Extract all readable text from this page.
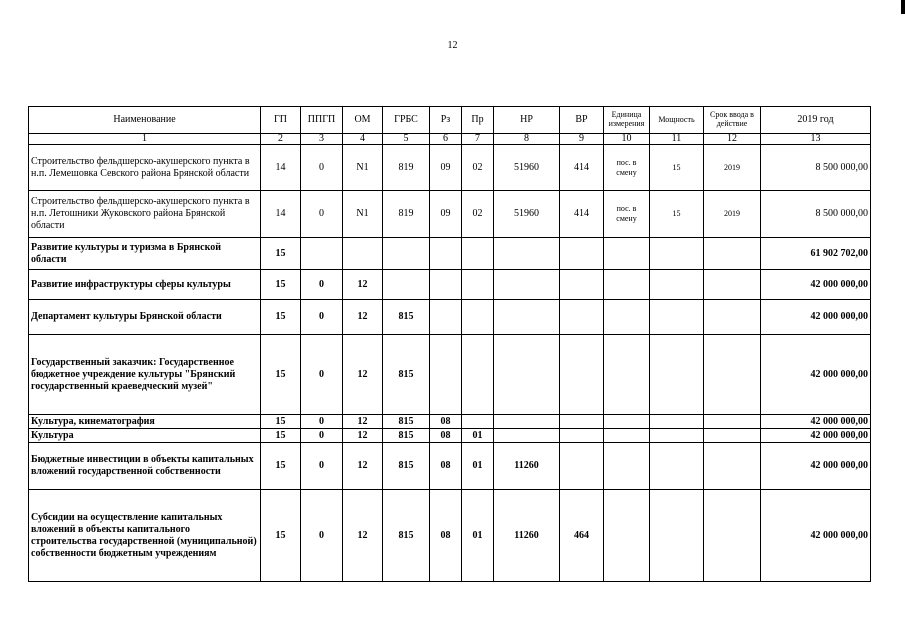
12
Наименование	ГП	ППГП	ОМ	ГРБС	Рз	Пр	НР	ВР	Единица измерения	Мощность	Срок ввода в действие	2019 год
1	2	3	4	5	6	7	8	9	10	11	12	13
Строительство фельдшерско-акушерского пункта в н.п. Лемешовка Севского района Брянской области	14	0	N1	819	09	02	51960	414	пос. в смену	15	2019	8 500 000,00
Строительство фельдшерско-акушерского пункта в н.п. Летошники Жуковского района Брянской области	14	0	N1	819	09	02	51960	414	пос. в смену	15	2019	8 500 000,00
Развитие культуры и туризма в Брянской области	15											61 902 702,00
Развитие инфраструктуры сферы культуры	15	0	12									42 000 000,00
Департамент культуры Брянской области	15	0	12	815								42 000 000,00
Государственный заказчик: Государственное бюджетное учреждение культуры "Брянский государственный краеведческий музей"	15	0	12	815								42 000 000,00
Культура, кинематография	15	0	12	815	08							42 000 000,00
Культура	15	0	12	815	08	01						42 000 000,00
Бюджетные инвестиции в объекты капитальных вложений государственной собственности	15	0	12	815	08	01	11260					42 000 000,00
Субсидии на осуществление капитальных вложений в объекты капитального строительства государственной (муниципальной) собственности бюджетным учреждениям	15	0	12	815	08	01	11260	464				42 000 000,00
